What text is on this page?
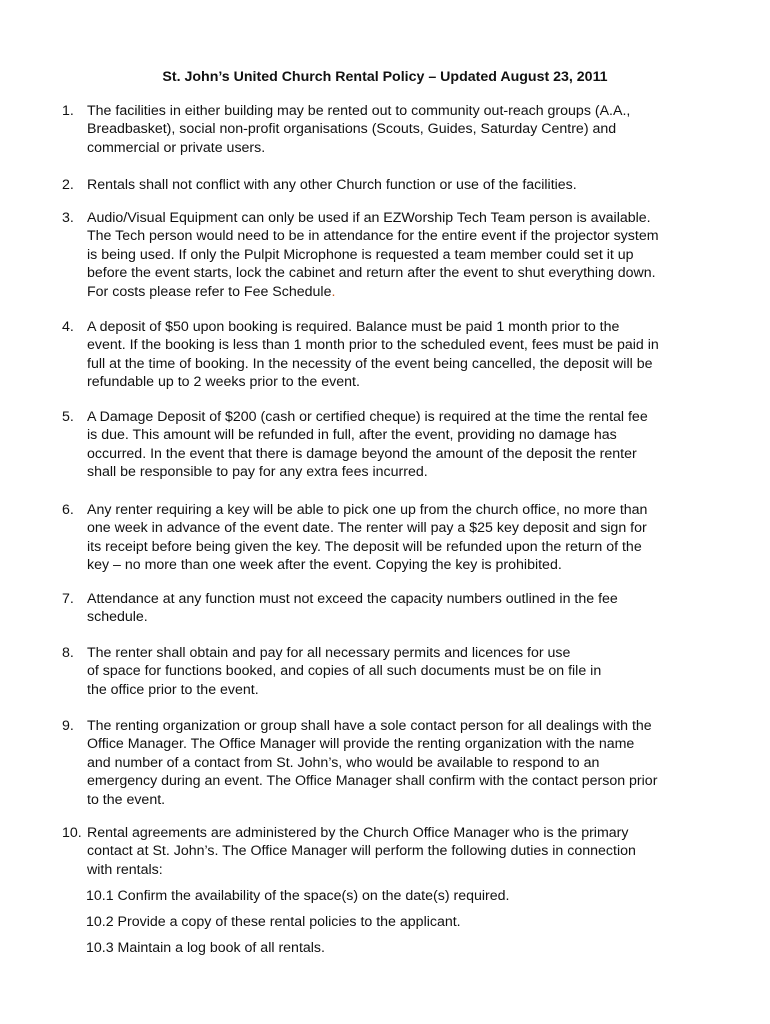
St. John’s United Church Rental Policy – Updated August 23, 2011
1. The facilities in either building may be rented out to community out-reach groups (A.A.,
Breadbasket), social non-profit organisations (Scouts, Guides, Saturday Centre) and
commercial or private users.
2. Rentals shall not conflict with any other Church function or use of the facilities.
3. Audio/Visual Equipment can only be used if an EZWorship Tech Team person is available.
The Tech person would need to be in attendance for the entire event if the projector system
is being used. If only the Pulpit Microphone is requested a team member could set it up
before the event starts, lock the cabinet and return after the event to shut everything down.
For costs please refer to Fee Schedule.
4. A deposit of $50 upon booking is required. Balance must be paid 1 month prior to the
event. If the booking is less than 1 month prior to the scheduled event, fees must be paid in
full at the time of booking. In the necessity of the event being cancelled, the deposit will be
refundable up to 2 weeks prior to the event.
5. A Damage Deposit of $200 (cash or certified cheque) is required at the time the rental fee
is due. This amount will be refunded in full, after the event, providing no damage has
occurred. In the event that there is damage beyond the amount of the deposit the renter
shall be responsible to pay for any extra fees incurred.
6. Any renter requiring a key will be able to pick one up from the church office, no more than
one week in advance of the event date. The renter will pay a $25 key deposit and sign for
its receipt before being given the key. The deposit will be refunded upon the return of the
key – no more than one week after the event. Copying the key is prohibited.
7. Attendance at any function must not exceed the capacity numbers outlined in the fee
schedule.
8. The renter shall obtain and pay for all necessary permits and licences for use
of space for functions booked, and copies of all such documents must be on file in
the office prior to the event.
9. The renting organization or group shall have a sole contact person for all dealings with the
Office Manager. The Office Manager will provide the renting organization with the name
and number of a contact from St. John’s, who would be available to respond to an
emergency during an event. The Office Manager shall confirm with the contact person prior
to the event.
10. Rental agreements are administered by the Church Office Manager who is the primary
contact at St. John’s. The Office Manager will perform the following duties in connection
with rentals:
10.1 Confirm the availability of the space(s) on the date(s) required.
10.2 Provide a copy of these rental policies to the applicant.
10.3 Maintain a log book of all rentals.
